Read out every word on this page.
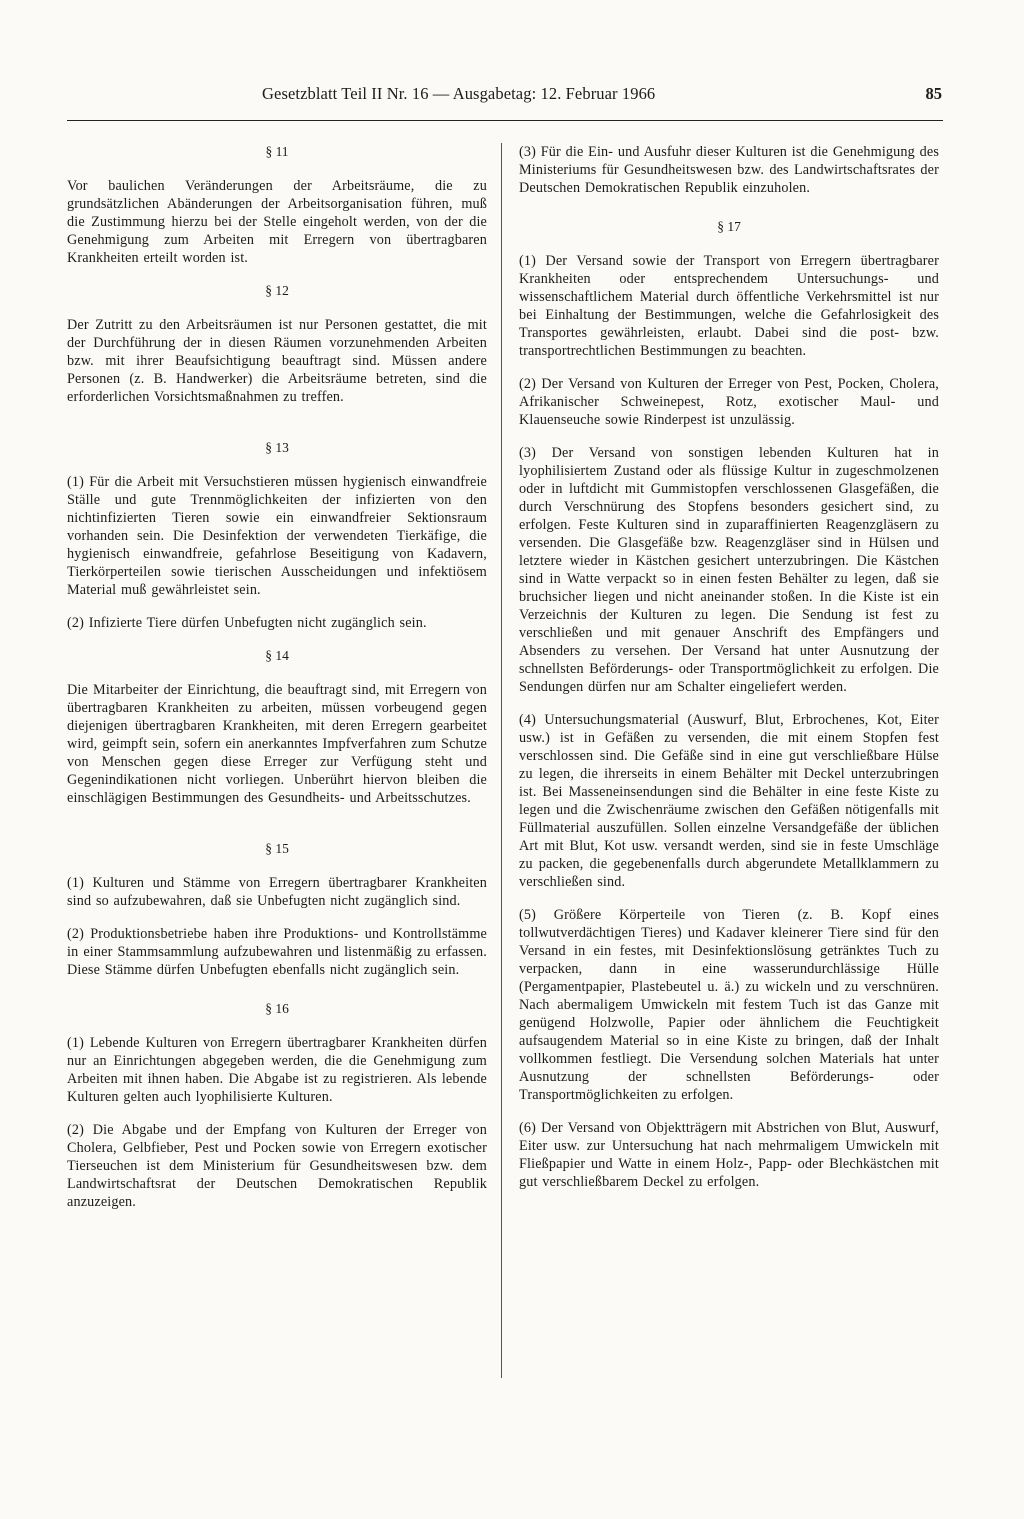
Gesetzblatt Teil II Nr. 16 — Ausgabetag: 12. Februar 1966	85
§ 11

Vor baulichen Veränderungen der Arbeitsräume, die zu grundsätzlichen Abänderungen der Arbeitsorganisation führen, muß die Zustimmung hierzu bei der Stelle eingeholt werden, von der die Genehmigung zum Arbeiten mit Erregern von übertragbaren Krankheiten erteilt worden ist.

§ 12

Der Zutritt zu den Arbeitsräumen ist nur Personen gestattet, die mit der Durchführung der in diesen Räumen vorzunehmenden Arbeiten bzw. mit ihrer Beaufsichtigung beauftragt sind. Müssen andere Personen (z. B. Handwerker) die Arbeitsräume betreten, sind die erforderlichen Vorsichtsmaßnahmen zu treffen.

§ 13

(1) Für die Arbeit mit Versuchstieren müssen hygienisch einwandfreie Ställe und gute Trennmöglichkeiten der infizierten von den nichtinfizierten Tieren sowie ein einwandfreier Sektionsraum vorhanden sein. Die Desinfektion der verwendeten Tierkäfige, die hygienisch einwandfreie, gefahrlose Beseitigung von Kadavern, Tierkörperteilen sowie tierischen Ausscheidungen und infektiösem Material muß gewährleistet sein.

(2) Infizierte Tiere dürfen Unbefugten nicht zugänglich sein.

§ 14

Die Mitarbeiter der Einrichtung, die beauftragt sind, mit Erregern von übertragbaren Krankheiten zu arbeiten, müssen vorbeugend gegen diejenigen übertragbaren Krankheiten, mit deren Erregern gearbeitet wird, geimpft sein, sofern ein anerkanntes Impfverfahren zum Schutze von Menschen gegen diese Erreger zur Verfügung steht und Gegenindikationen nicht vorliegen. Unberührt hiervon bleiben die einschlägigen Bestimmungen des Gesundheits- und Arbeitsschutzes.

§ 15

(1) Kulturen und Stämme von Erregern übertragbarer Krankheiten sind so aufzubewahren, daß sie Unbefugten nicht zugänglich sind.

(2) Produktionsbetriebe haben ihre Produktions- und Kontrollstämme in einer Stammsammlung aufzubewahren und listenmäßig zu erfassen. Diese Stämme dürfen Unbefugten ebenfalls nicht zugänglich sein.

§ 16

(1) Lebende Kulturen von Erregern übertragbarer Krankheiten dürfen nur an Einrichtungen abgegeben werden, die die Genehmigung zum Arbeiten mit ihnen haben. Die Abgabe ist zu registrieren. Als lebende Kulturen gelten auch lyophilisierte Kulturen.

(2) Die Abgabe und der Empfang von Kulturen der Erreger von Cholera, Gelbfieber, Pest und Pocken sowie von Erregern exotischer Tierseuchen ist dem Ministerium für Gesundheitswesen bzw. dem Landwirtschaftsrat der Deutschen Demokratischen Republik anzuzeigen.

(3) Für die Ein- und Ausfuhr dieser Kulturen ist die Genehmigung des Ministeriums für Gesundheitswesen bzw. des Landwirtschaftsrates der Deutschen Demokratischen Republik einzuholen.

§ 17

(1) Der Versand sowie der Transport von Erregern übertragbarer Krankheiten oder entsprechendem Untersuchungs- und wissenschaftlichem Material durch öffentliche Verkehrsmittel ist nur bei Einhaltung der Bestimmungen, welche die Gefahrlosigkeit des Transportes gewährleisten, erlaubt. Dabei sind die post- bzw. transportrechtlichen Bestimmungen zu beachten.

(2) Der Versand von Kulturen der Erreger von Pest, Pocken, Cholera, Afrikanischer Schweinepest, Rotz, exotischer Maul- und Klauenseuche sowie Rinderpest ist unzulässig.

(3) Der Versand von sonstigen lebenden Kulturen hat in lyophilisiertem Zustand oder als flüssige Kultur in zugeschmolzenen oder in luftdicht mit Gummistopfen verschlossenen Glasgefäßen, die durch Verschnürung des Stopfens besonders gesichert sind, zu erfolgen. Feste Kulturen sind in zuparaffinierten Reagenzgläsern zu versenden. Die Glasgefäße bzw. Reagenzgläser sind in Hülsen und letztere wieder in Kästchen gesichert unterzubringen. Die Kästchen sind in Watte verpackt so in einen festen Behälter zu legen, daß sie bruchsicher liegen und nicht aneinander stoßen. In die Kiste ist ein Verzeichnis der Kulturen zu legen. Die Sendung ist fest zu verschließen und mit genauer Anschrift des Empfängers und Absenders zu versehen. Der Versand hat unter Ausnutzung der schnellsten Beförderungs- oder Transportmöglichkeit zu erfolgen. Die Sendungen dürfen nur am Schalter eingeliefert werden.

(4) Untersuchungsmaterial (Auswurf, Blut, Erbrochenes, Kot, Eiter usw.) ist in Gefäßen zu versenden, die mit einem Stopfen fest verschlossen sind. Die Gefäße sind in eine gut verschließbare Hülse zu legen, die ihrerseits in einem Behälter mit Deckel unterzubringen ist. Bei Masseneinsendungen sind die Behälter in eine feste Kiste zu legen und die Zwischenräume zwischen den Gefäßen nötigenfalls mit Füllmaterial auszufüllen. Sollen einzelne Versandgefäße der üblichen Art mit Blut, Kot usw. versandt werden, sind sie in feste Umschläge zu packen, die gegebenenfalls durch abgerundete Metallklammern zu verschließen sind.

(5) Größere Körperteile von Tieren (z. B. Kopf eines tollwutverdächtigen Tieres) und Kadaver kleinerer Tiere sind für den Versand in ein festes, mit Desinfektionslösung getränktes Tuch zu verpacken, dann in eine wasserundurchlässige Hülle (Pergamentpapier, Plastebeutel u. ä.) zu wickeln und zu verschnüren. Nach abermaligem Umwickeln mit festem Tuch ist das Ganze mit genügend Holzwolle, Papier oder ähnlichem die Feuchtigkeit aufsaugendem Material so in eine Kiste zu bringen, daß der Inhalt vollkommen festliegt. Die Versendung solchen Materials hat unter Ausnutzung der schnellsten Beförderungs- oder Transportmöglichkeiten zu erfolgen.

(6) Der Versand von Objektträgern mit Abstrichen von Blut, Auswurf, Eiter usw. zur Untersuchung hat nach mehrmaligem Umwickeln mit Fließpapier und Watte in einem Holz-, Papp- oder Blechkästchen mit gut verschließbarem Deckel zu erfolgen.
